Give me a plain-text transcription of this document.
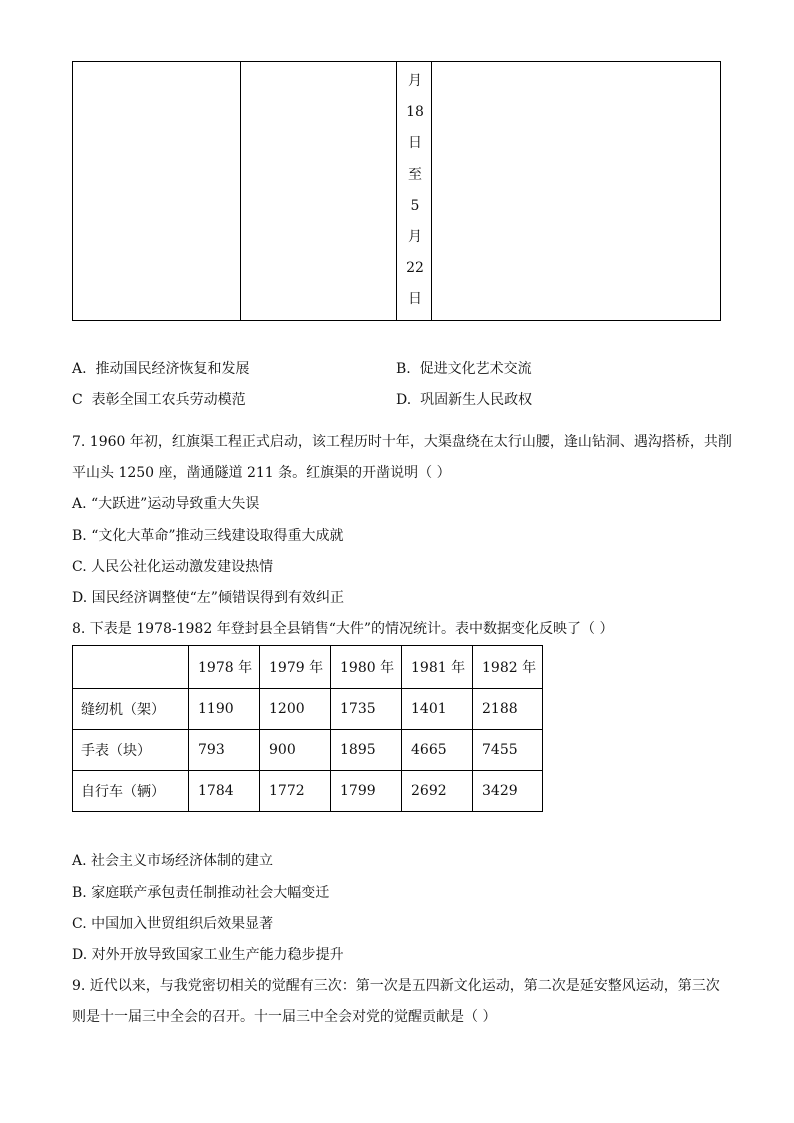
月
18
日
至
5
月
22
日
A. 推动国民经济恢复和发展	B. 促进文化艺术交流
C 表彰全国工农兵劳动模范	D. 巩固新生人民政权
7. 1960 年初，红旗渠工程正式启动，该工程历时十年，大渠盘绕在太行山腰，逢山钻洞、遇沟搭桥，共削
平山头 1250 座，凿通隧道 211 条。红旗渠的开凿说明（ ）
A. “大跃进”运动导致重大失误
B. “文化大革命”推动三线建设取得重大成就
C. 人民公社化运动激发建设热情
D. 国民经济调整使“左”倾错误得到有效纠正
8. 下表是 1978-1982 年登封县全县销售“大件”的情况统计。表中数据变化反映了（ ）
	1978 年	1979 年	1980 年	1981 年	1982 年
缝纫机（架）	1190	1200	1735	1401	2188
手表（块）	793	900	1895	4665	7455
自行车（辆）	1784	1772	1799	2692	3429
A. 社会主义市场经济体制的建立
B. 家庭联产承包责任制推动社会大幅变迁
C. 中国加入世贸组织后效果显著
D. 对外开放导致国家工业生产能力稳步提升
9. 近代以来，与我党密切相关的觉醒有三次：第一次是五四新文化运动，第二次是延安整风运动，第三次
则是十一届三中全会的召开。十一届三中全会对党的觉醒贡献是（ ）
